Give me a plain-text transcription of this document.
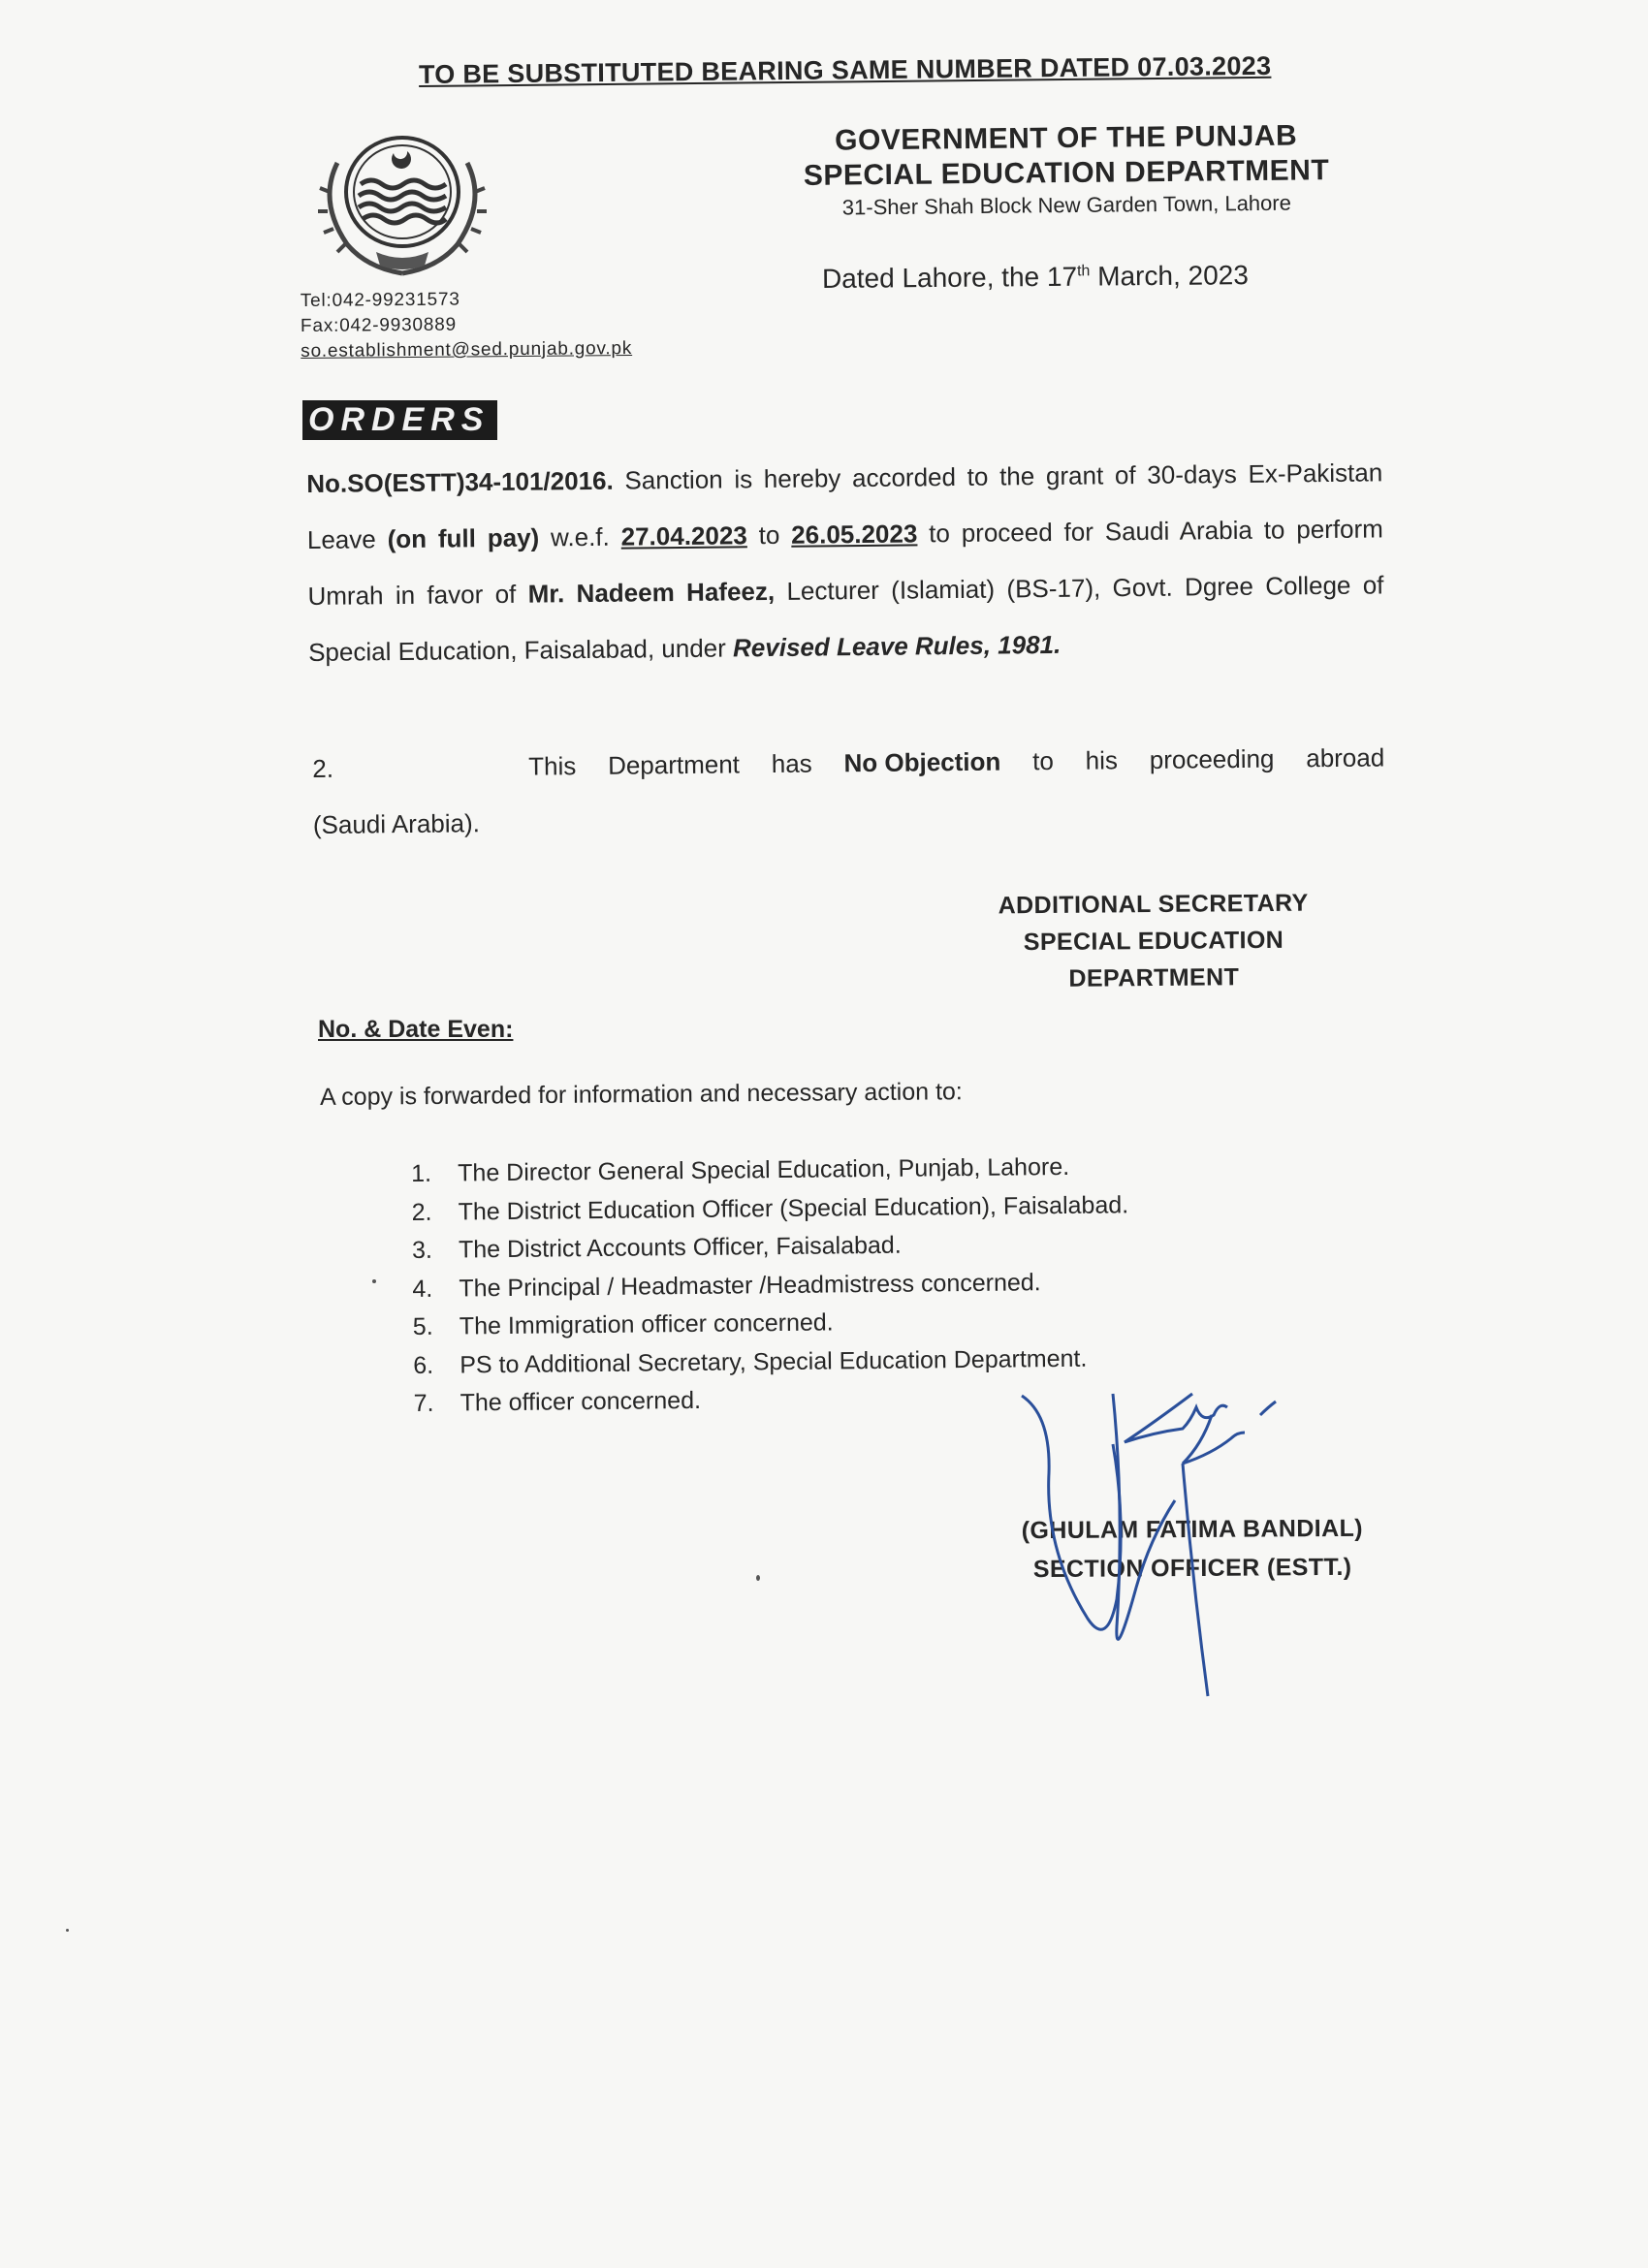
TO BE SUBSTITUTED BEARING SAME NUMBER DATED 07.03.2023
GOVERNMENT OF THE PUNJAB
SPECIAL EDUCATION DEPARTMENT
31-Sher Shah Block New Garden Town, Lahore
Dated Lahore, the 17th March, 2023
Tel:042-99231573
Fax:042-9930889
so.establishment@sed.punjab.gov.pk
ORDERS
No.SO(ESTT)34-101/2016. Sanction is hereby accorded to the grant of 30-days Ex-Pakistan Leave (on full pay) w.e.f. 27.04.2023 to 26.05.2023 to proceed for Saudi Arabia to perform Umrah in favor of Mr. Nadeem Hafeez, Lecturer (Islamiat) (BS-17), Govt. Dgree College of Special Education, Faisalabad, under Revised Leave Rules, 1981.
2.	This Department has No Objection to his proceeding abroad
(Saudi Arabia).
ADDITIONAL SECRETARY
SPECIAL EDUCATION
DEPARTMENT
No. & Date Even:
A copy is forwarded for information and necessary action to:
1.	The Director General Special Education, Punjab, Lahore.
2.	The District Education Officer (Special Education), Faisalabad.
3.	The District Accounts Officer, Faisalabad.
4.	The Principal / Headmaster /Headmistress concerned.
5.	The Immigration officer concerned.
6.	PS to Additional Secretary, Special Education Department.
7.	The officer concerned.
(GHULAM FATIMA BANDIAL)
SECTION OFFICER (ESTT.)
